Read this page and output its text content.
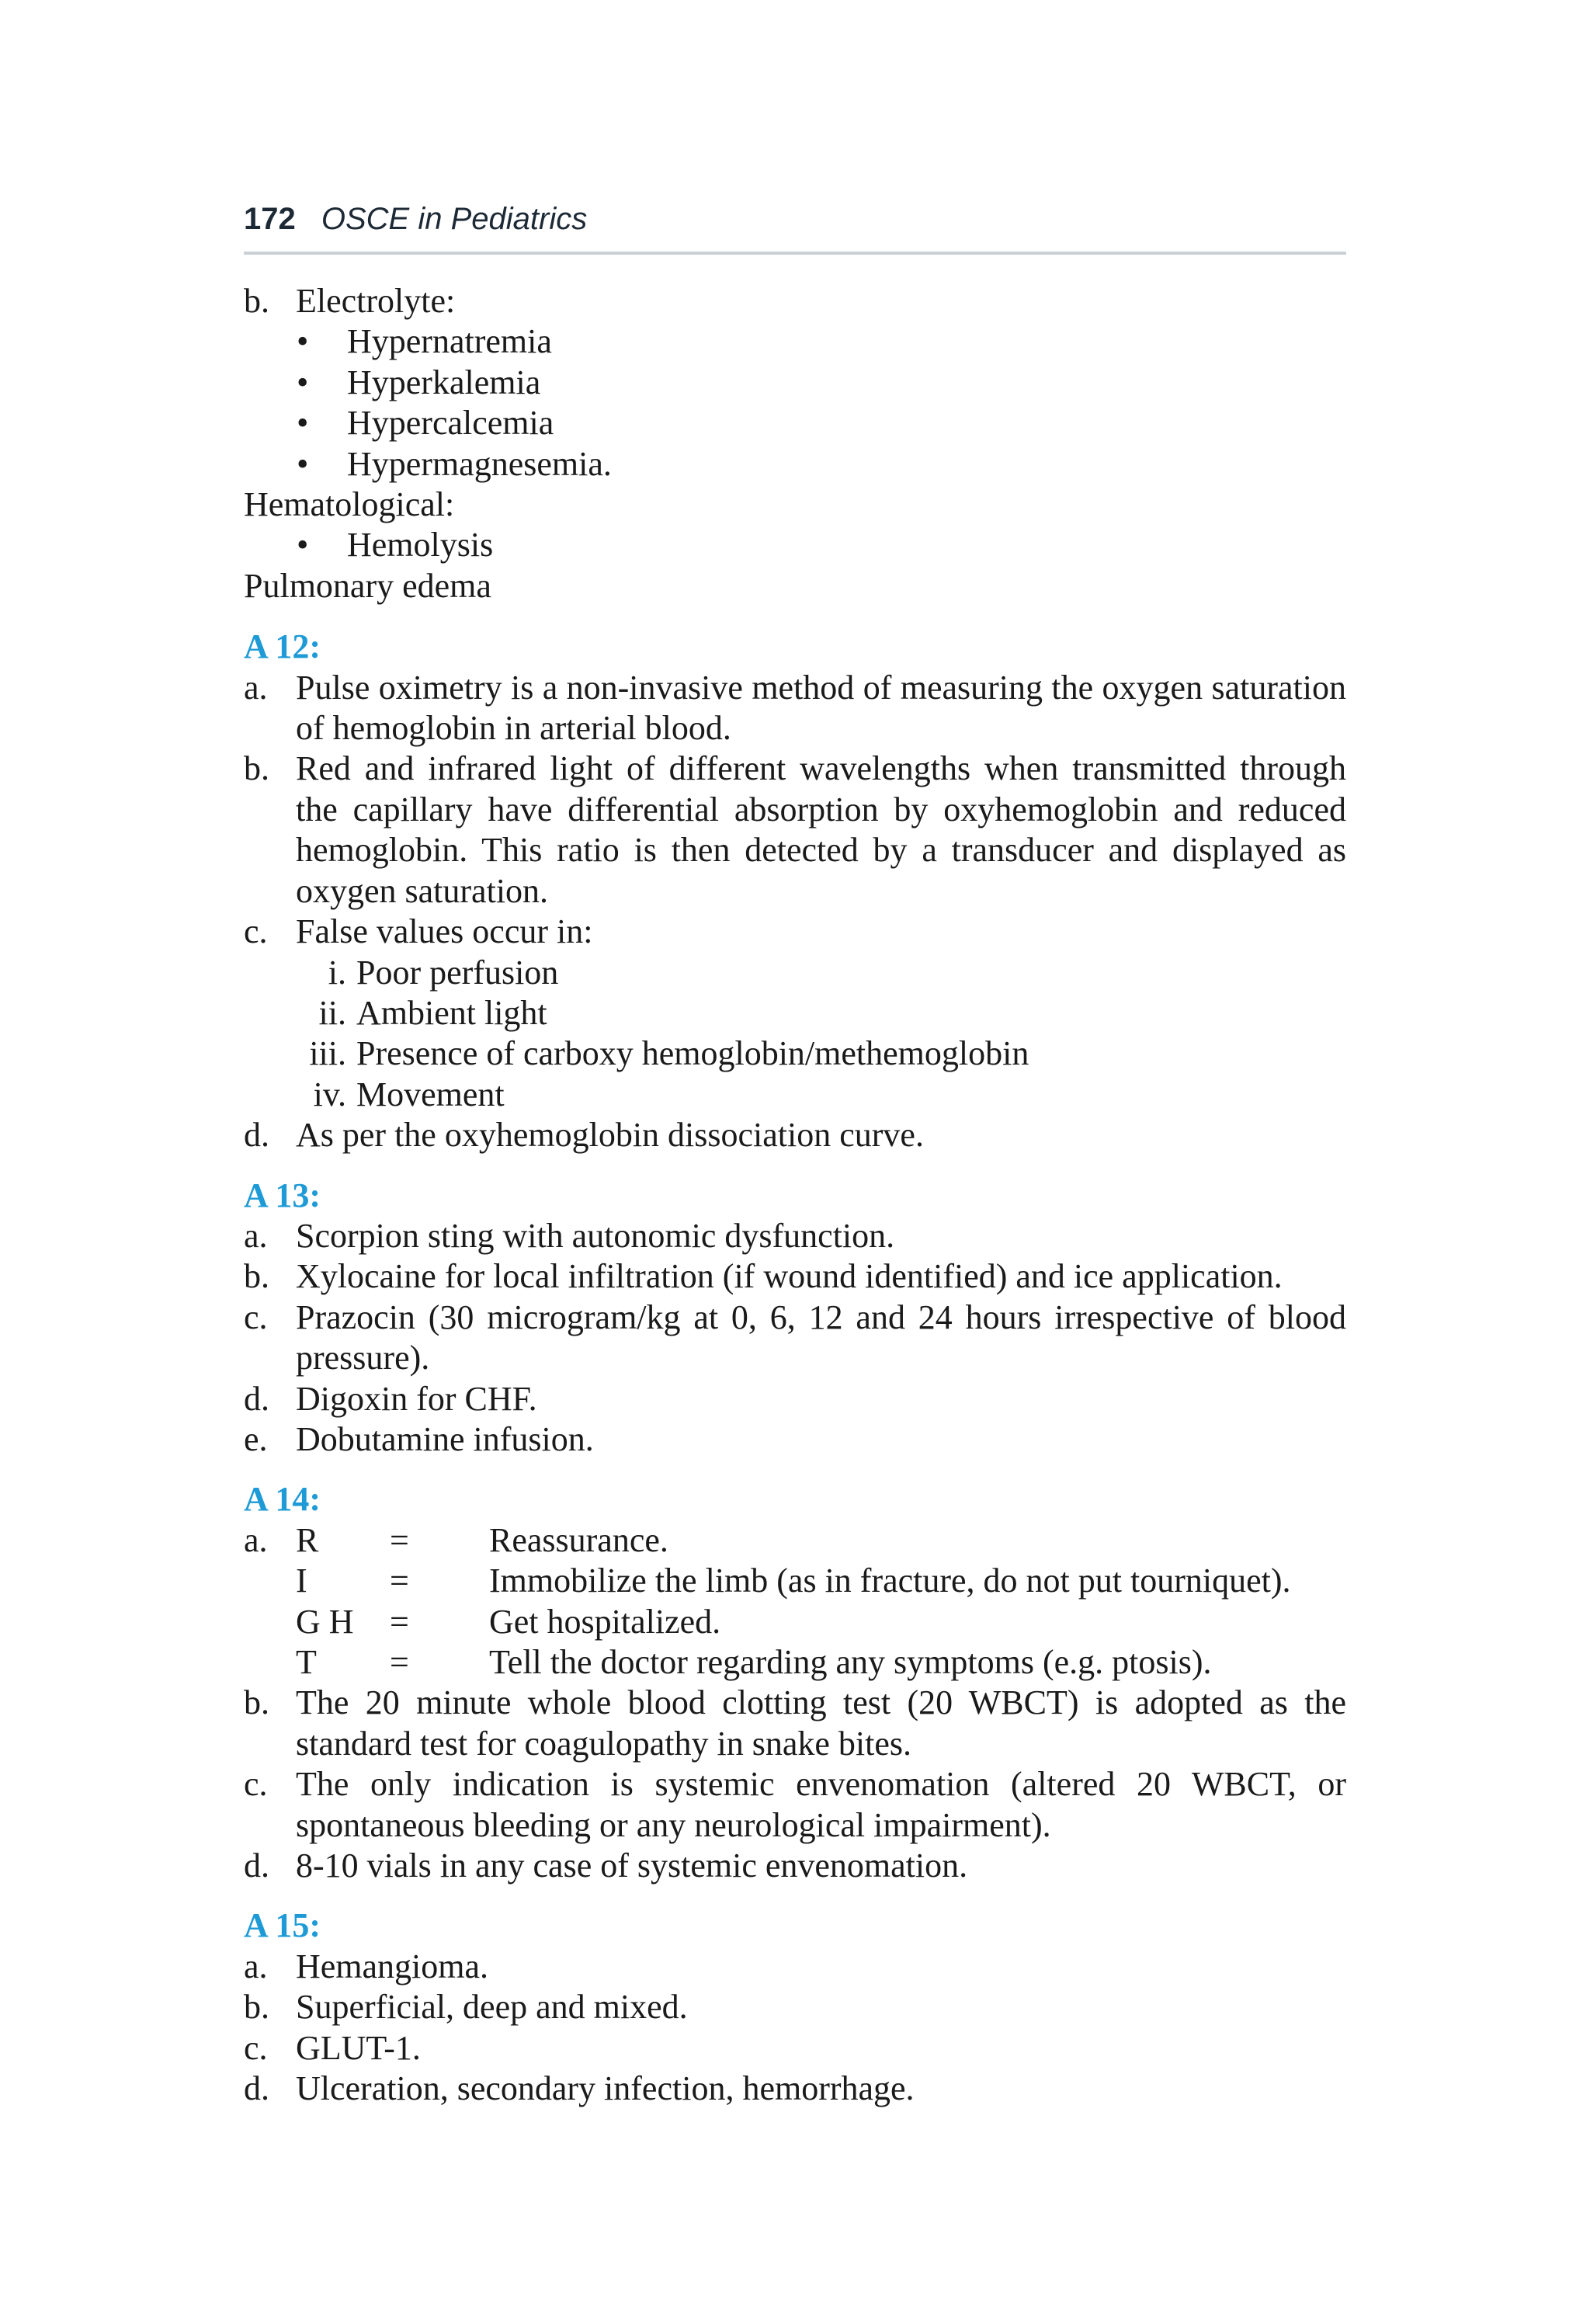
172 OSCE in Pediatrics
b. Electrolyte:
• Hypernatremia
• Hyperkalemia
• Hypercalcemia
• Hypermagnesemia.
Hematological:
• Hemolysis
Pulmonary edema
A 12:
a. Pulse oximetry is a non-invasive method of measuring the oxygen saturation of hemoglobin in arterial blood.
b. Red and infrared light of different wavelengths when transmitted through the capillary have differential absorption by oxyhemoglobin and reduced hemoglobin. This ratio is then detected by a transducer and displayed as oxygen saturation.
c. False values occur in:
i. Poor perfusion
ii. Ambient light
iii. Presence of carboxy hemoglobin/methemoglobin
iv. Movement
d. As per the oxyhemoglobin dissociation curve.
A 13:
a. Scorpion sting with autonomic dysfunction.
b. Xylocaine for local infiltration (if wound identified) and ice application.
c. Prazocin (30 microgram/kg at 0, 6, 12 and 24 hours irrespective of blood pressure).
d. Digoxin for CHF.
e. Dobutamine infusion.
A 14:
a. R = Reassurance.
I = Immobilize the limb (as in fracture, do not put tourniquet).
G H = Get hospitalized.
T = Tell the doctor regarding any symptoms (e.g. ptosis).
b. The 20 minute whole blood clotting test (20 WBCT) is adopted as the standard test for coagulopathy in snake bites.
c. The only indication is systemic envenomation (altered 20 WBCT, or spontaneous bleeding or any neurological impairment).
d. 8-10 vials in any case of systemic envenomation.
A 15:
a. Hemangioma.
b. Superficial, deep and mixed.
c. GLUT-1.
d. Ulceration, secondary infection, hemorrhage.
